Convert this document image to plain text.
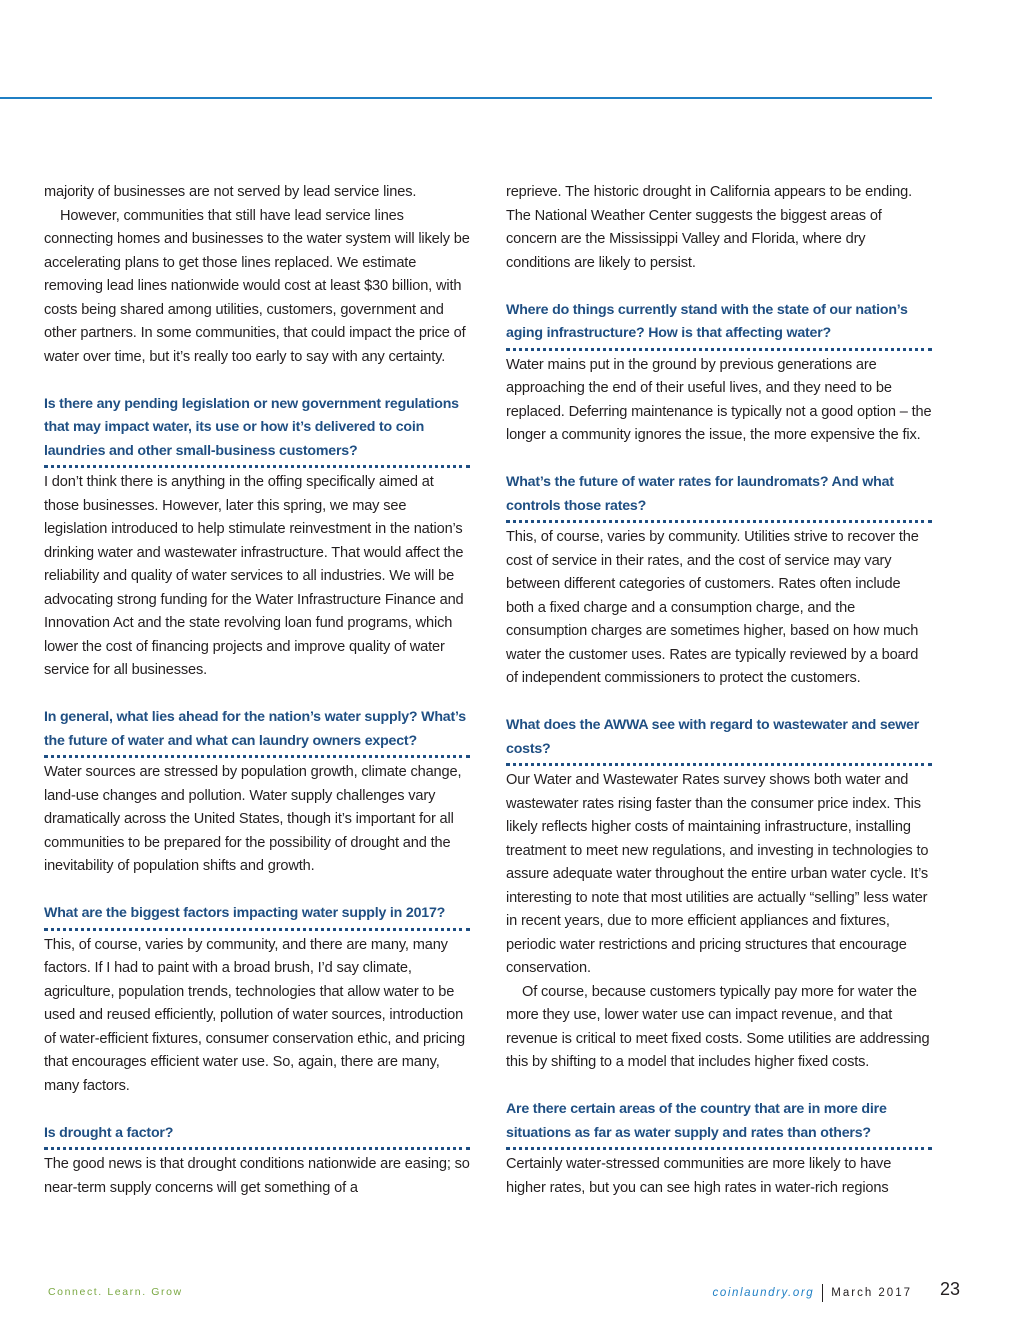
majority of businesses are not served by lead service lines.

However, communities that still have lead service lines connecting homes and businesses to the water system will likely be accelerating plans to get those lines replaced. We estimate removing lead lines nationwide would cost at least $30 billion, with costs being shared among utilities, customers, government and other partners. In some communities, that could impact the price of water over time, but it’s really too early to say with any certainty.

Is there any pending legislation or new government regulations that may impact water, its use or how it’s delivered to coin laundries and other small-business customers?

I don’t think there is anything in the offing specifically aimed at those businesses. However, later this spring, we may see legislation introduced to help stimulate reinvestment in the nation’s drinking water and wastewater infrastructure. That would affect the reliability and quality of water services to all industries. We will be advocating strong funding for the Water Infrastructure Finance and Innovation Act and the state revolving loan fund programs, which lower the cost of financing projects and improve quality of water service for all businesses.

In general, what lies ahead for the nation’s water supply? What’s the future of water and what can laundry owners expect?

Water sources are stressed by population growth, climate change, land-use changes and pollution. Water supply challenges vary dramatically across the United States, though it’s important for all communities to be prepared for the possibility of drought and the inevitability of population shifts and growth.

What are the biggest factors impacting water supply in 2017?

This, of course, varies by community, and there are many, many factors. If I had to paint with a broad brush, I’d say climate, agriculture, population trends, technologies that allow water to be used and reused efficiently, pollution of water sources, introduction of water-efficient fixtures, consumer conservation ethic, and pricing that encourages efficient water use. So, again, there are many, many factors.

Is drought a factor?

The good news is that drought conditions nationwide are easing; so near-term supply concerns will get something of a

reprieve. The historic drought in California appears to be ending. The National Weather Center suggests the biggest areas of concern are the Mississippi Valley and Florida, where dry conditions are likely to persist.

Where do things currently stand with the state of our nation’s aging infrastructure? How is that affecting water?

Water mains put in the ground by previous generations are approaching the end of their useful lives, and they need to be replaced. Deferring maintenance is typically not a good option – the longer a community ignores the issue, the more expensive the fix.

What’s the future of water rates for laundromats? And what controls those rates?

This, of course, varies by community. Utilities strive to recover the cost of service in their rates, and the cost of service may vary between different categories of customers. Rates often include both a fixed charge and a consumption charge, and the consumption charges are sometimes higher, based on how much water the customer uses. Rates are typically reviewed by a board of independent commissioners to protect the customers.

What does the AWWA see with regard to wastewater and sewer costs?

Our Water and Wastewater Rates survey shows both water and wastewater rates rising faster than the consumer price index. This likely reflects higher costs of maintaining infrastructure, installing treatment to meet new regulations, and investing in technologies to assure adequate water throughout the entire urban water cycle. It’s interesting to note that most utilities are actually “selling” less water in recent years, due to more efficient appliances and fixtures, periodic water restrictions and pricing structures that encourage conservation.

Of course, because customers typically pay more for water the more they use, lower water use can impact revenue, and that revenue is critical to meet fixed costs. Some utilities are addressing this by shifting to a model that includes higher fixed costs.

Are there certain areas of the country that are in more dire situations as far as water supply and rates than others?

Certainly water-stressed communities are more likely to have higher rates, but you can see high rates in water-rich regions

Connect. Learn. Grow	coinlaundry.org March 2017 23
